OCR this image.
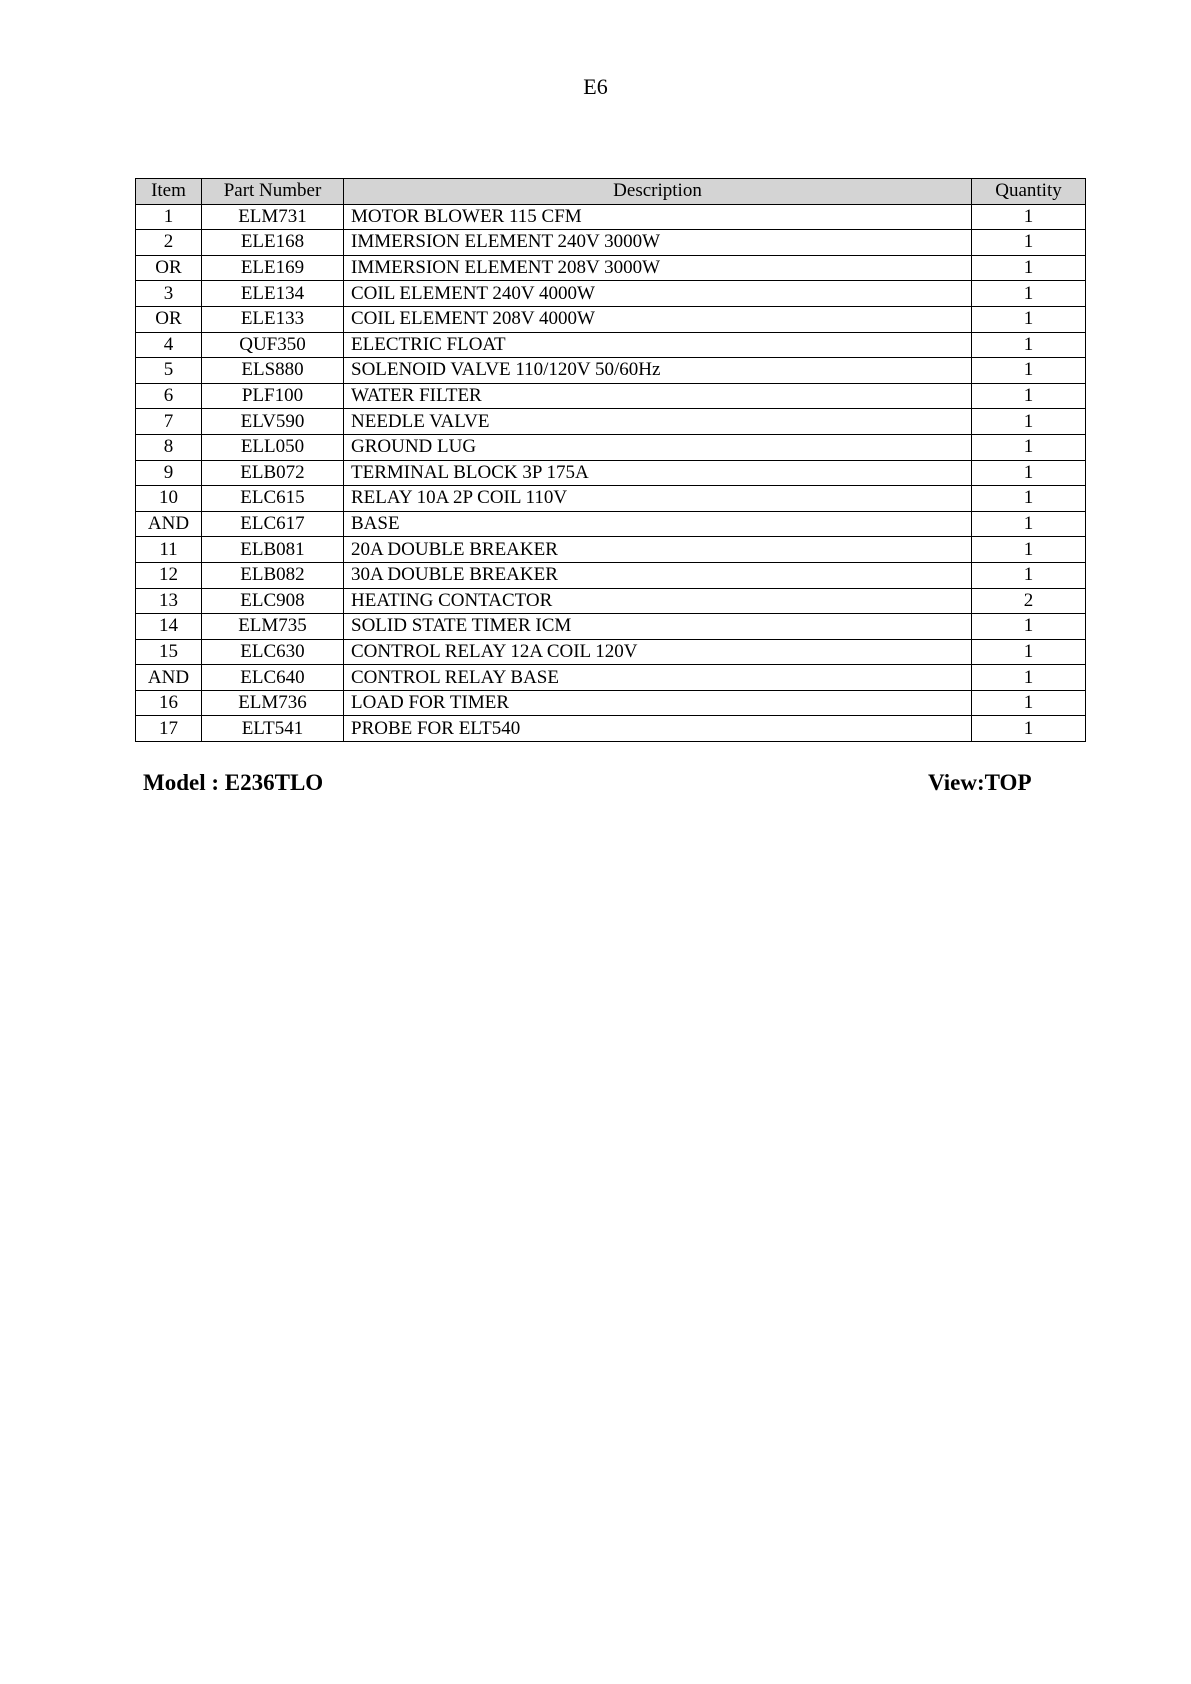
E6
Item	Part Number	Description	Quantity
1	ELM731	MOTOR BLOWER 115 CFM	1
2	ELE168	IMMERSION ELEMENT 240V 3000W	1
OR	ELE169	IMMERSION ELEMENT 208V 3000W	1
3	ELE134	COIL ELEMENT 240V 4000W	1
OR	ELE133	COIL ELEMENT 208V 4000W	1
4	QUF350	ELECTRIC FLOAT	1
5	ELS880	SOLENOID VALVE 110/120V 50/60Hz	1
6	PLF100	WATER FILTER	1
7	ELV590	NEEDLE VALVE	1
8	ELL050	GROUND LUG	1
9	ELB072	TERMINAL BLOCK 3P 175A	1
10	ELC615	RELAY 10A 2P COIL 110V	1
AND	ELC617	BASE	1
11	ELB081	20A DOUBLE BREAKER	1
12	ELB082	30A DOUBLE BREAKER	1
13	ELC908	HEATING CONTACTOR	2
14	ELM735	SOLID STATE TIMER ICM	1
15	ELC630	CONTROL RELAY 12A COIL 120V	1
AND	ELC640	CONTROL RELAY BASE	1
16	ELM736	LOAD FOR TIMER	1
17	ELT541	PROBE FOR ELT540	1
Model : E236TLO	View:TOP
